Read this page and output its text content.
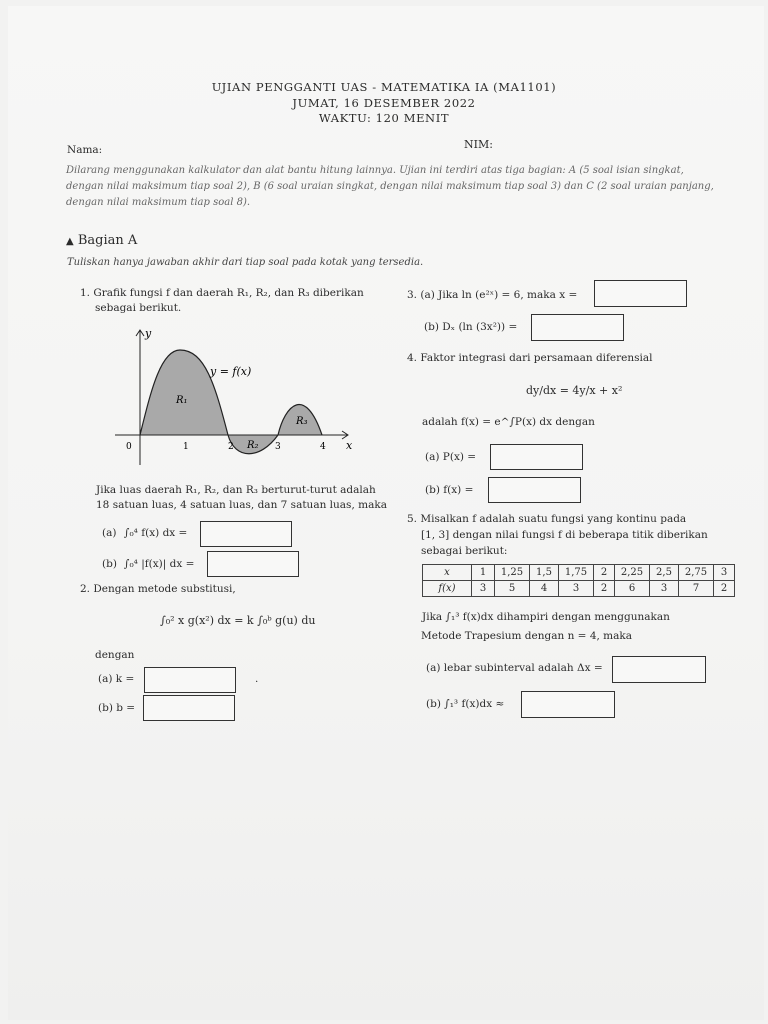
UJIAN PENGGANTI UAS - MATEMATIKA IA (MA1101)
JUMAT, 16 DESEMBER 2022
WAKTU: 120 MENIT
Nama:	NIM:
Dilarang menggunakan kalkulator dan alat bantu hitung lainnya. Ujian ini terdiri atas tiga bagian: A (5 soal isian singkat, dengan nilai maksimum tiap soal 2), B (6 soal uraian singkat, dengan nilai maksimum tiap soal 3) dan C (2 soal uraian panjang, dengan nilai maksimum tiap soal 8).
▲ Bagian A
Tuliskan hanya jawaban akhir dari tiap soal pada kotak yang tersedia.
1. Grafik fungsi f dan daerah R₁, R₂, dan R₃ diberikan
sebagai berikut.
y
x
y = f(x)
R₁
R₂
R₃
0	1	2	3	4
Jika luas daerah R₁, R₂, dan R₃ berturut-turut adalah
18 satuan luas, 4 satuan luas, dan 7 satuan luas, maka
(a) ∫₀⁴ f(x) dx =
(b) ∫₀⁴ |f(x)| dx =
2. Dengan metode substitusi,
∫₀² x g(x²) dx = k ∫₀ᵇ g(u) du
dengan
(a) k =	.
(b) b =
3. (a) Jika ln (e²ˣ) = 6, maka x =
(b) Dₓ (ln (3x²)) =
4. Faktor integrasi dari persamaan diferensial
dy/dx = 4y/x + x²
adalah f(x) = e^∫P(x) dx dengan
(a) P(x) =
(b) f(x) =
5. Misalkan f adalah suatu fungsi yang kontinu pada
[1, 3] dengan nilai fungsi f di beberapa titik diberikan
sebagai berikut:
x	1	1,25	1,5	1,75	2	2,25	2,5	2,75	3
f(x)	3	5	4	3	2	6	3	7	2
Jika ∫₁³ f(x)dx dihampiri dengan menggunakan
Metode Trapesium dengan n = 4, maka
(a) lebar subinterval adalah Δx =
(b) ∫₁³ f(x)dx ≈
